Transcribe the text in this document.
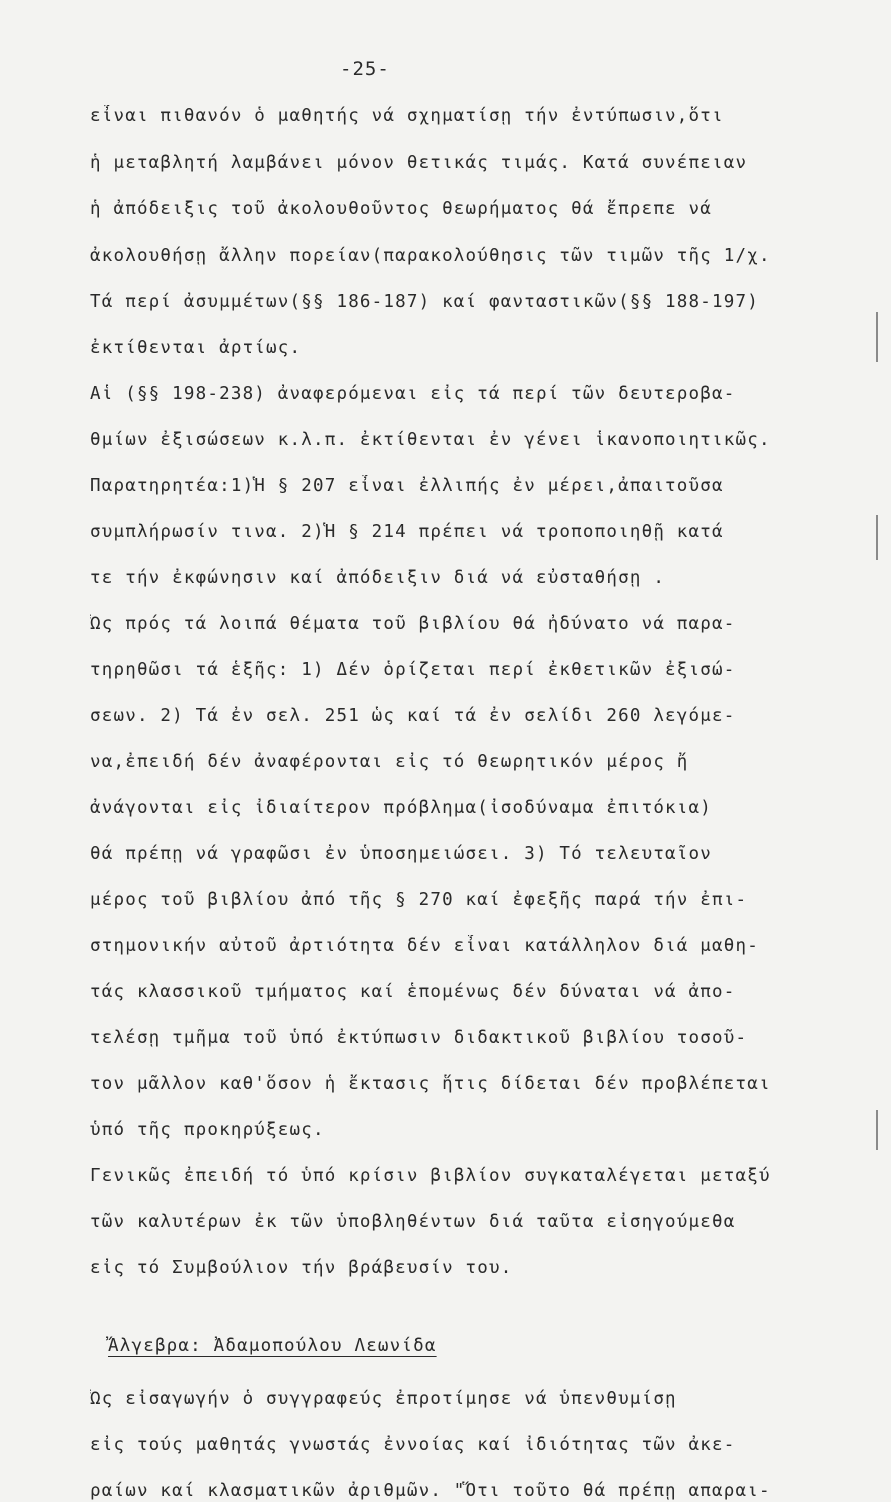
-25-
εἶναι πιθανόν ὁ μαθητής νά σχηματίσῃ τήν ἐντύπωσιν,ὅτι
ἡ μεταβλητή λαμβάνει μόνον θετικάς τιμάς. Κατά συνέπειαν
ἡ ἀπόδειξις τοῦ ἀκολουθοῦντος θεωρήματος θά ἔπρεπε νά
ἀκολουθήσῃ ἄλλην πορείαν(παρακολούθησις τῶν τιμῶν τῆς 1/χ.
Τά περί ἀσυμμέτων(§§ 186-187) καί φανταστικῶν(§§ 188-197)
ἐκτίθενται ἀρτίως.
Αἱ (§§ 198-238) ἀναφερόμεναι εἰς τά περί τῶν δευτεροβα-
θμίων ἐξισώσεων κ.λ.π. ἐκτίθενται ἐν γένει ἱκανοποιητικῶς.
Παρατηρητέα:1)Ἡ § 207 εἶναι ἐλλιπής ἐν μέρει,ἀπαιτοῦσα
συμπλήρωσίν τινα. 2)Ἡ § 214 πρέπει νά τροποποιηθῇ κατά
τε τήν ἐκφώνησιν καί ἀπόδειξιν διά νά εὐσταθήσῃ .
Ὡς πρός τά λοιπά θέματα τοῦ βιβλίου θά ἠδύνατο νά παρα-
τηρηθῶσι τά ἑξῆς: 1) Δέν ὁρίζεται περί ἐκθετικῶν ἐξισώ-
σεων. 2) Τά ἐν σελ. 251 ὡς καί τά ἐν σελίδι 260 λεγόμε-
να,ἐπειδή δέν ἀναφέρονται εἰς τό θεωρητικόν μέρος ἤ
ἀνάγονται εἰς ἰδιαίτερον πρόβλημα(ἰσοδύναμα ἐπιτόκια)
θά πρέπῃ νά γραφῶσι ἐν ὑποσημειώσει. 3) Τό τελευταῖον
μέρος τοῦ βιβλίου ἀπό τῆς § 270 καί ἐφεξῆς παρά τήν ἐπι-
στημονικήν αὐτοῦ ἀρτιότητα δέν εἶναι κατάλληλον διά μαθη-
τάς κλασσικοῦ τμήματος καί ἑπομένως δέν δύναται νά ἀπο-
τελέσῃ τμῆμα τοῦ ὑπό ἐκτύπωσιν διδακτικοῦ βιβλίου τοσοῦ-
τον μᾶλλον καθ'ὅσον ἡ ἔκτασις ἥτις δίδεται δέν προβλέπεται
ὑπό τῆς προκηρύξεως.
Γενικῶς ἐπειδή τό ὑπό κρίσιν βιβλίον συγκαταλέγεται μεταξύ
τῶν καλυτέρων ἐκ τῶν ὑποβληθέντων διά ταῦτα εἰσηγούμεθα
εἰς τό Συμβούλιον τήν βράβευσίν του.
Ἄλγεβρα: Ἀδαμοπούλου Λεωνίδα
Ὡς εἰσαγωγήν ὁ συγγραφεύς ἐπροτίμησε νά ὑπενθυμίσῃ
εἰς τούς μαθητάς γνωστάς ἐννοίας καί ἰδιότητας τῶν ἀκε-
ραίων καί κλασματικῶν ἀριθμῶν. "Ὅτι τοῦτο θά πρέπῃ απαραι-
